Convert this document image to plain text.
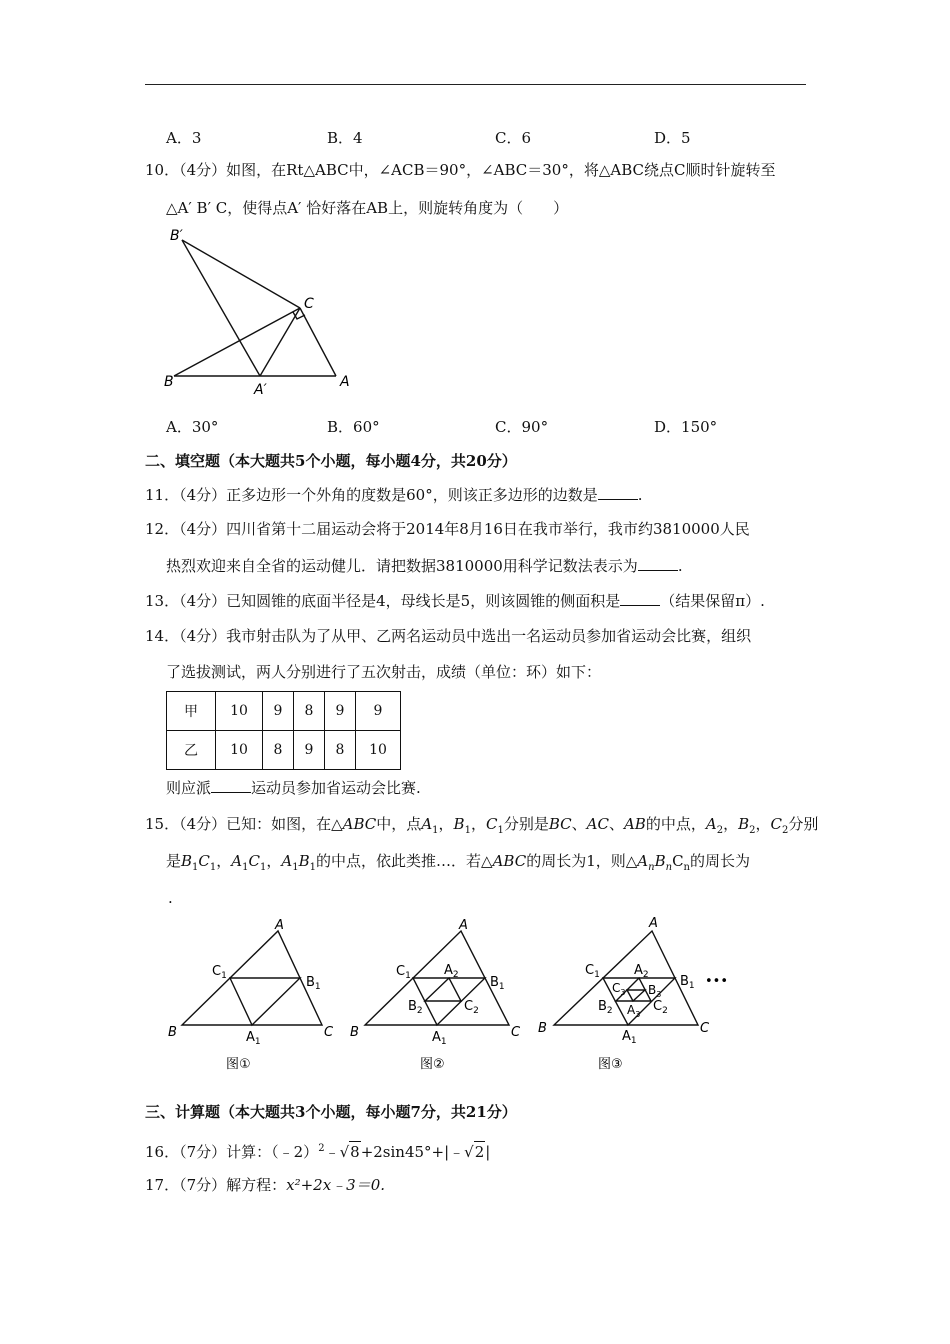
A．3	B．4	C．6	D．5
10．（4分）如图，在Rt△ABC中，∠ACB＝90°，∠ABC＝30°，将△ABC绕点C顺时针旋转至
△A′ B′ C，使得点A′ 恰好落在AB上，则旋转角度为（　　）
B′
C
B	A′	A
A．30°	B．60°	C．90°	D．150°
二、填空题（本大题共5个小题，每小题4分，共20分）
11．（4分）正多边形一个外角的度数是60°，则该正多边形的边数是	.
12．（4分）四川省第十二届运动会将于2014年8月16日在我市举行，我市约3810000人民
热烈欢迎来自全省的运动健儿．请把数据3810000用科学记数法表示为	.
13．（4分）已知圆锥的底面半径是4，母线长是5，则该圆锥的侧面积是	（结果保留π）.
14．（4分）我市射击队为了从甲、乙两名运动员中选出一名运动员参加省运动会比赛，组织
了选拔测试，两人分别进行了五次射击，成绩（单位：环）如下：
甲	10	9	8	9	9
乙	10	8	9	8	10
则应派	运动员参加省运动会比赛.
15．（4分）已知：如图，在△ABC中，点$A_1$，$B_1$，$C_1$分别是BC、AC、AB的中点，$A_2$，$B_2$，$C_2$分别
是$B_1C_1$，$A_1C_1$，$A_1B_1$的中点，依此类推…．若△ABC的周长为1，则$\triangle A_nB_nC_n$的周长为
.
A
B	C
$C_1$	$B_1$
$A_1$
图①
A
B	C
$C_1$	$B_1$
$A_1$
$A_2$
$B_2$	$C_2$
图②
A
B	C
$C_1$	$B_1$ •••
$A_1$
$A_2$
$B_2$	$C_2$
$C_3$ $B_3$
$A_3$
图③
三、计算题（本大题共3个小题，每小题7分，共21分）
16．（7分）计算：（﹣2）$^2$﹣√8+2sin45°+|﹣√2|
17．（7分）解方程：x²+2x﹣3＝0.
